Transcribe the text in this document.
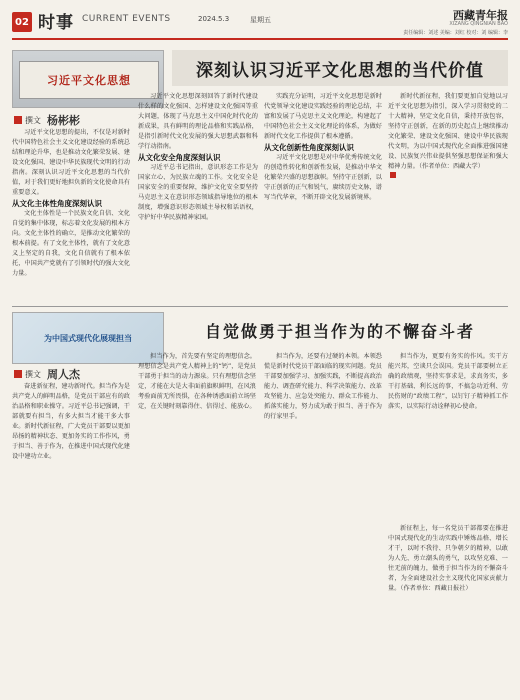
02 时事 CURRENT EVENTS	2024.5.3	星期五	西藏青年报
XIZANG QINGNIAN BAO
责任编辑：刘述 美编：刘红 校对：刘 编辑：李
习近平文化思想	深刻认识习近平文化思想的当代价值
撰文 杨彬彬

习近平文化思想的提出，不仅是对新时代中国特色社会主义文化建设经验的系统总结和理论升华，也是推动文化繁荣发展、建设文化强国、建设中华民族现代文明的行动指南。深刻认识习近平文化思想的当代价值，对于我们更好地担负新的文化使命具有重要意义。

从文化主体性角度深刻认识

文化主体性是一个民族文化自信、文化自觉的集中体现，标志着文化发展的根本方向。文化主体性的确立，是推动文化繁荣的根本前提。有了文化主体性，就有了文化意义上坚定的自我，文化自信就有了根本依托，中国共产党就有了引领时代的强大文化力量。

习近平文化思想深刻回答了新时代建设什么样的文化强国、怎样建设文化强国等重大问题，体现了马克思主义中国化时代化的新成果，具有鲜明的理论品格和实践品格，是指引新时代文化发展的强大思想武器和科学行动指南。

从文化安全角度深刻认识

习近平总书记指出，意识形态工作是为国家立心、为民族立魂的工作。文化安全是国家安全的重要保障，维护文化安全要坚持马克思主义在意识形态领域指导地位的根本制度，增强意识形态领域主导权和话语权，守护好中华民族精神家园。

实践充分证明，习近平文化思想是新时代党领导文化建设实践经验的理论总结，丰富和发展了马克思主义文化理论，构建起了中国特色社会主义文化理论的体系，为做好新时代文化工作提供了根本遵循。

从文化创新性角度深刻认识

习近平文化思想是对中华优秀传统文化的创造性转化和创新性发展，是推动中华文化繁荣兴盛的思想旗帜。坚持守正创新，以守正创新的正气和锐气，赓续历史文脉，谱写当代华章，不断开辟文化发展新境界。

新时代新征程，我们要更加自觉地以习近平文化思想为指引，深入学习贯彻党的二十大精神，坚定文化自信，秉持开放包容，坚持守正创新，在新的历史起点上继续推动文化繁荣、建设文化强国、建设中华民族现代文明，为以中国式现代化全面推进强国建设、民族复兴伟业提供坚强思想保证和强大精神力量。（作者单位：西藏大学）

为中国式现代化展现担当	自觉做勇于担当作为的不懈奋斗者
撰文 周人杰

奋进新征程，建功新时代。担当作为是共产党人的鲜明品格，是党员干部应有的政治品格和职业操守。习近平总书记强调，干部就要有担当，有多大担当才能干多大事业。新时代新征程，广大党员干部要以更加昂扬的精神状态、更加务实的工作作风，勇于担当、善于作为，在推进中国式现代化建设中建功立业。

担当作为，首先要有坚定的理想信念。理想信念是共产党人精神上的“钙”，是党员干部勇于担当的动力源泉。只有理想信念坚定，才能在大是大非面前旗帜鲜明，在风浪考验面前无所畏惧，在各种诱惑面前立场坚定，在关键时刻靠得住、信得过、能放心。

担当作为，还要有过硬的本领。本领恐慌是新时代党员干部面临的现实问题。党员干部要加强学习、加强实践，不断提高政治能力、调查研究能力、科学决策能力、改革攻坚能力、应急处突能力、群众工作能力、抓落实能力，努力成为敢于担当、善于作为的行家里手。

担当作为，更要有务实的作风。实干方能兴邦，空谈只会误国。党员干部要树立正确的政绩观，坚持实事求是，求真务实，多干打基础、利长远的事，不搞急功近利、劳民伤财的“政绩工程”，以钉钉子精神抓工作落实，以实际行动诠释初心使命。

新征程上，每一名党员干部都要在推进中国式现代化的生动实践中锤炼品格、增长才干，以时不我待、只争朝夕的精神，以敢为人先、勇立潮头的勇气，以攻坚克难、一往无前的魄力，做勇于担当作为的不懈奋斗者，为全面建设社会主义现代化国家贡献力量。（作者单位：西藏日报社）
